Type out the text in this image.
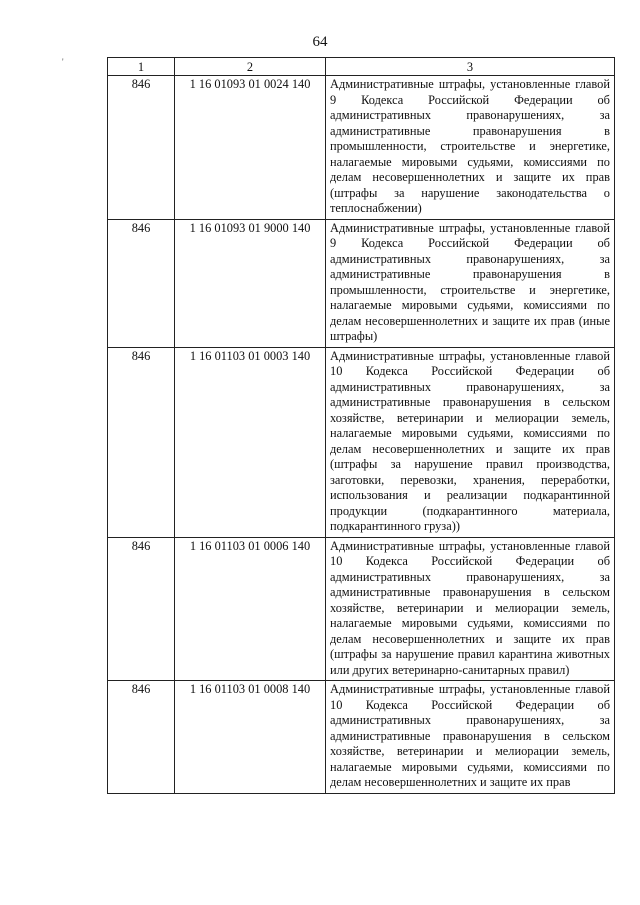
64
'	1	2	3
846	1 16 01093 01 0024 140	Административные штрафы, установленные главой 9 Кодекса Российской Федерации об административных правонарушениях, за административные правонарушения в промышленности, строительстве и энергетике, налагаемые мировыми судьями, комиссиями по делам несовершеннолетних и защите их прав (штрафы за нарушение законодательства о теплоснабжении)
846	1 16 01093 01 9000 140	Административные штрафы, установленные главой 9 Кодекса Российской Федерации об административных правонарушениях, за административные правонарушения в промышленности, строительстве и энергетике, налагаемые мировыми судьями, комиссиями по делам несовершеннолетних и защите их прав (иные штрафы)
846	1 16 01103 01 0003 140	Административные штрафы, установленные главой 10 Кодекса Российской Федерации об административных правонарушениях, за административные правонарушения в сельском хозяйстве, ветеринарии и мелиорации земель, налагаемые мировыми судьями, комиссиями по делам несовершеннолетних и защите их прав (штрафы за нарушение правил производства, заготовки, перевозки, хранения, переработки, использования и реализации подкарантинной продукции (подкарантинного материала, подкарантинного груза))
846	1 16 01103 01 0006 140	Административные штрафы, установленные главой 10 Кодекса Российской Федерации об административных правонарушениях, за административные правонарушения в сельском хозяйстве, ветеринарии и мелиорации земель, налагаемые мировыми судьями, комиссиями по делам несовершеннолетних и защите их прав (штрафы за нарушение правил карантина животных или других ветеринарно-санитарных правил)
846	1 16 01103 01 0008 140	Административные штрафы, установленные главой 10 Кодекса Российской Федерации об административных правонарушениях, за административные правонарушения в сельском хозяйстве, ветеринарии и мелиорации земель, налагаемые мировыми судьями, комиссиями по делам несовершеннолетних и защите их прав
